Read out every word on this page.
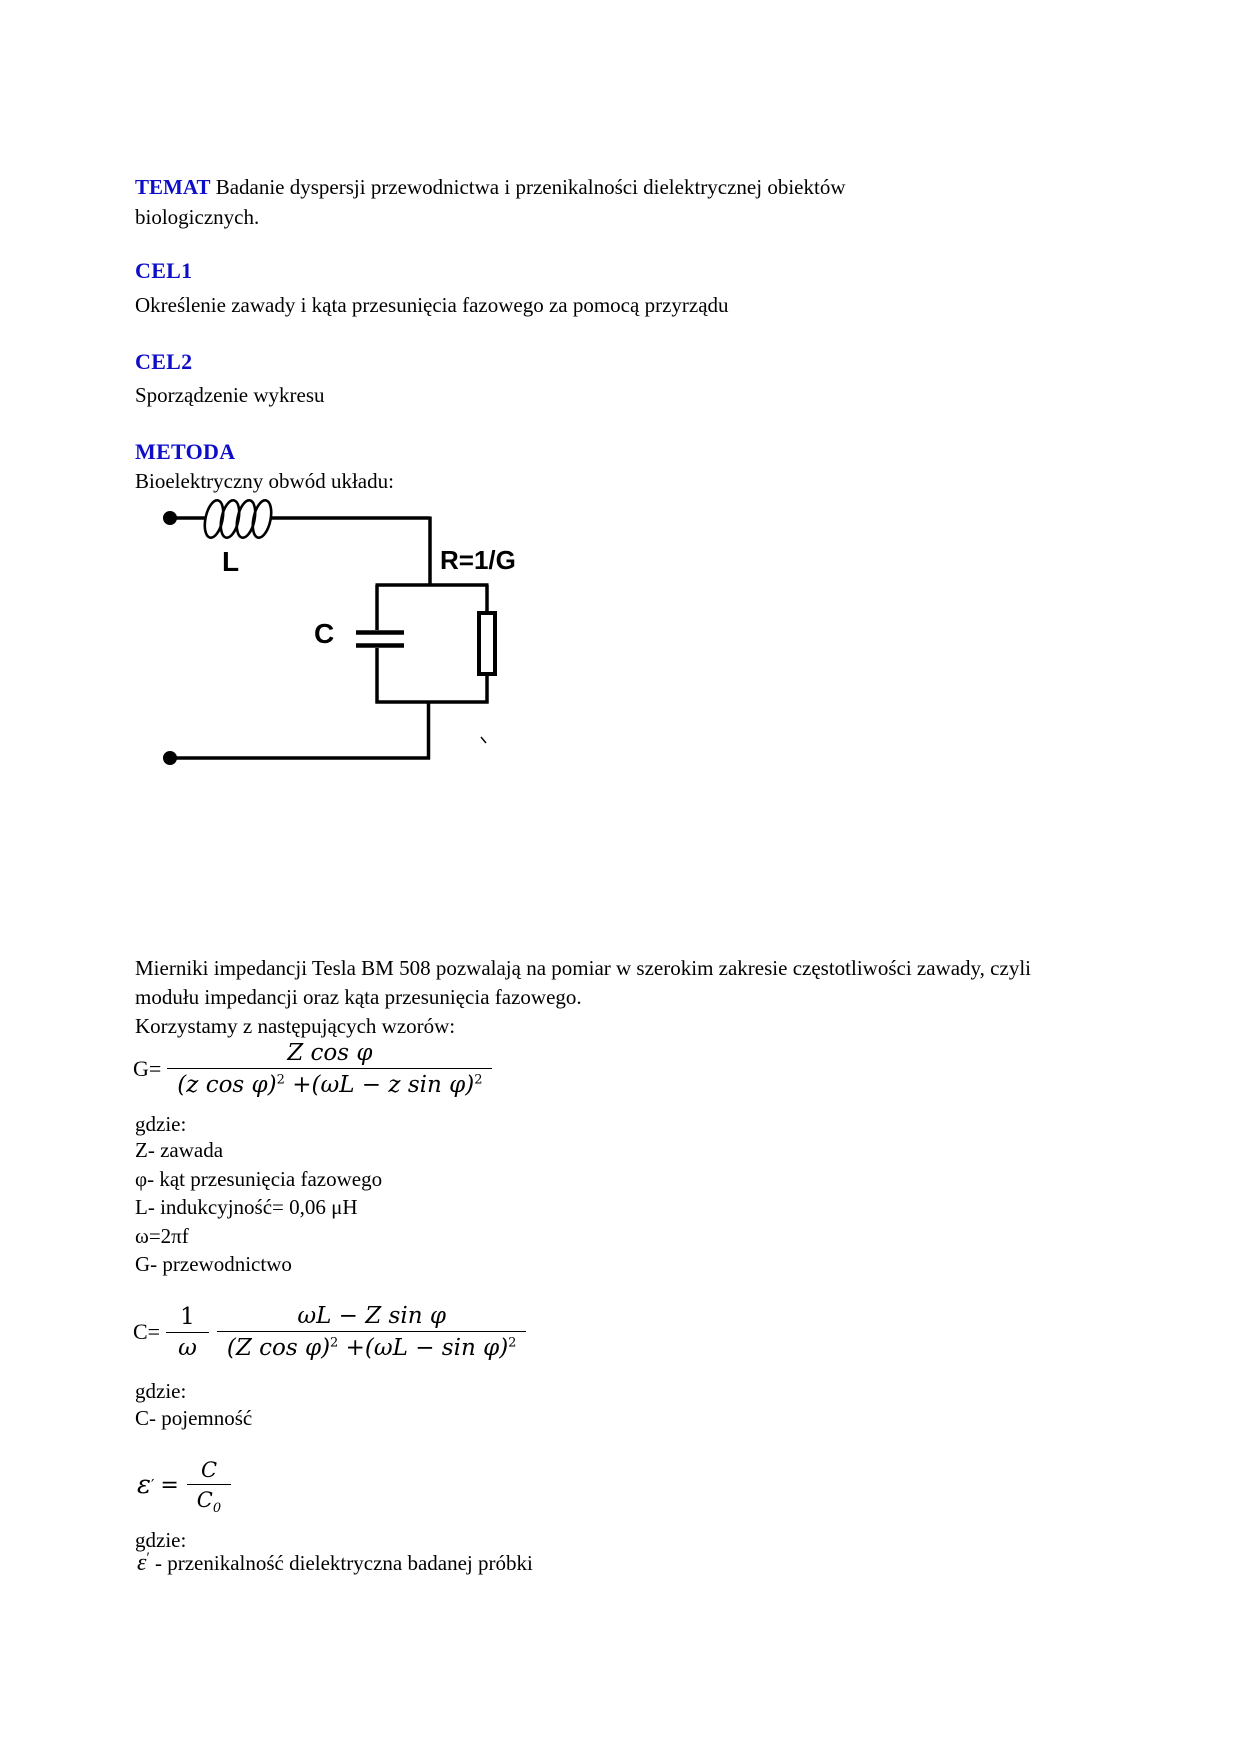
TEMAT Badanie dyspersji przewodnictwa i przenikalności dielektrycznej obiektów biologicznych.
CEL1
Określenie zawady i kąta przesunięcia fazowego za pomocą przyrządu
CEL2
Sporządzenie wykresu
METODA
Bioelektryczny obwód układu:
L	R=1/G
C
Mierniki impedancji Tesla BM 508 pozwalają na pomiar w szerokim zakresie częstotliwości zawady, czyli modułu impedancji oraz kąta przesunięcia fazowego.
Korzystamy z następujących wzorów:
$G= \frac{\text{Z cos φ}}{(z \cos \varphi)^2 +(\omega L - z \sin \varphi)^2}$
gdzie:
Z- zawada
φ- kąt przesunięcia fazowego
L- indukcyjność= 0,06 μH
ω=2πf
G- przewodnictwo
$C= \frac{1}{\omega} \frac{\text{ωL − Z sin φ}}{(Z \cos \varphi)^2 +(\omega L - \sin \varphi)^2}$
gdzie:
C- pojemność
ε ′ = $\frac{C}{C_0}$
gdzie:
ε′ - przenikalność dielektryczna badanej próbki
